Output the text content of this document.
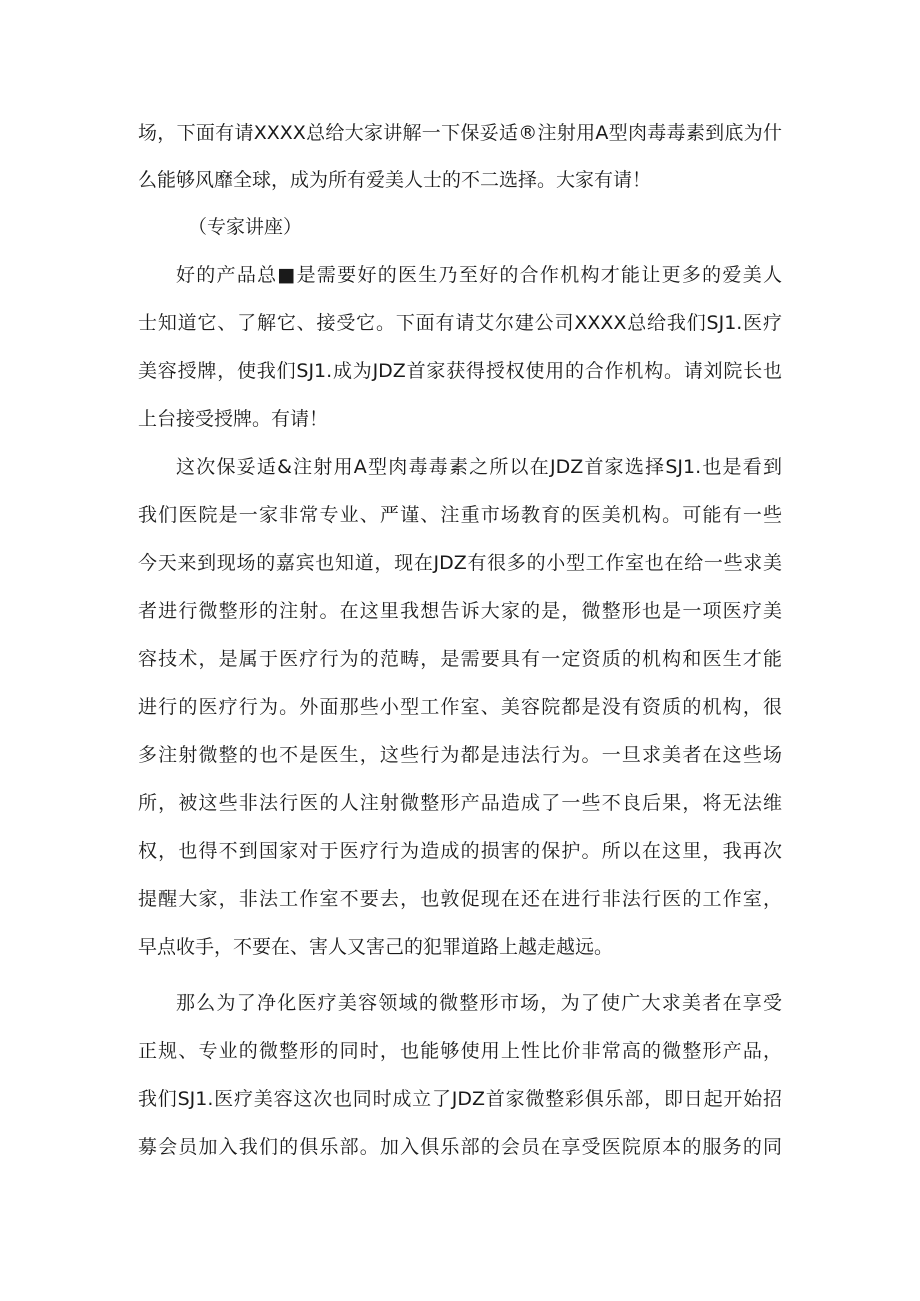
场，下面有请XXXX总给大家讲解一下保妥适®注射用A型肉毒毒素到底为什
么能够风靡全球，成为所有爱美人士的不二选择。大家有请！
（专家讲座）
好的产品总■是需要好的医生乃至好的合作机构才能让更多的爱美人
士知道它、了解它、接受它。下面有请艾尔建公司XXXX总给我们SJ1.医疗
美容授牌，使我们SJ1.成为JDZ首家获得授权使用的合作机构。请刘院长也
上台接受授牌。有请！
这次保妥适&注射用A型肉毒毒素之所以在JDZ首家选择SJ1.也是看到
我们医院是一家非常专业、严谨、注重市场教育的医美机构。可能有一些
今天来到现场的嘉宾也知道，现在JDZ有很多的小型工作室也在给一些求美
者进行微整形的注射。在这里我想告诉大家的是，微整形也是一项医疗美
容技术，是属于医疗行为的范畴，是需要具有一定资质的机构和医生才能
进行的医疗行为。外面那些小型工作室、美容院都是没有资质的机构，很
多注射微整的也不是医生，这些行为都是违法行为。一旦求美者在这些场
所，被这些非法行医的人注射微整形产品造成了一些不良后果，将无法维
权，也得不到国家对于医疗行为造成的损害的保护。所以在这里，我再次
提醒大家，非法工作室不要去，也敦促现在还在进行非法行医的工作室，
早点收手，不要在、害人又害己的犯罪道路上越走越远。
那么为了净化医疗美容领域的微整形市场，为了使广大求美者在享受
正规、专业的微整形的同时，也能够使用上性比价非常高的微整形产品，
我们SJ1.医疗美容这次也同时成立了JDZ首家微整彩俱乐部，即日起开始招
募会员加入我们的俱乐部。加入俱乐部的会员在享受医院原本的服务的同
